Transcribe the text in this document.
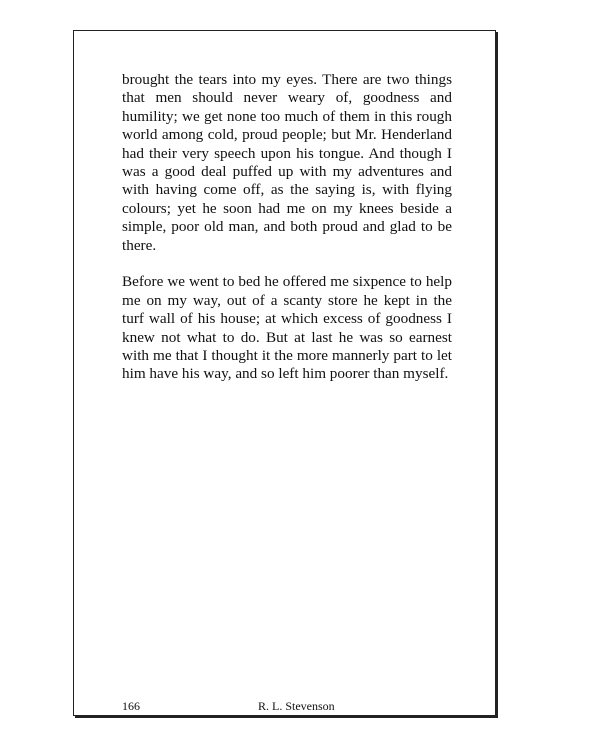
brought the tears into my eyes. There are two things that men should never weary of, goodness and humility; we get none too much of them in this rough world among cold, proud people; but Mr. Henderland had their very speech upon his tongue. And though I was a good deal puffed up with my adventures and with having come off, as the saying is, with flying colours; yet he soon had me on my knees beside a simple, poor old man, and both proud and glad to be there.

Before we went to bed he offered me sixpence to help me on my way, out of a scanty store he kept in the turf wall of his house; at which excess of goodness I knew not what to do. But at last he was so earnest with me that I thought it the more mannerly part to let him have his way, and so left him poorer than myself.

166	R. L. Stevenson
